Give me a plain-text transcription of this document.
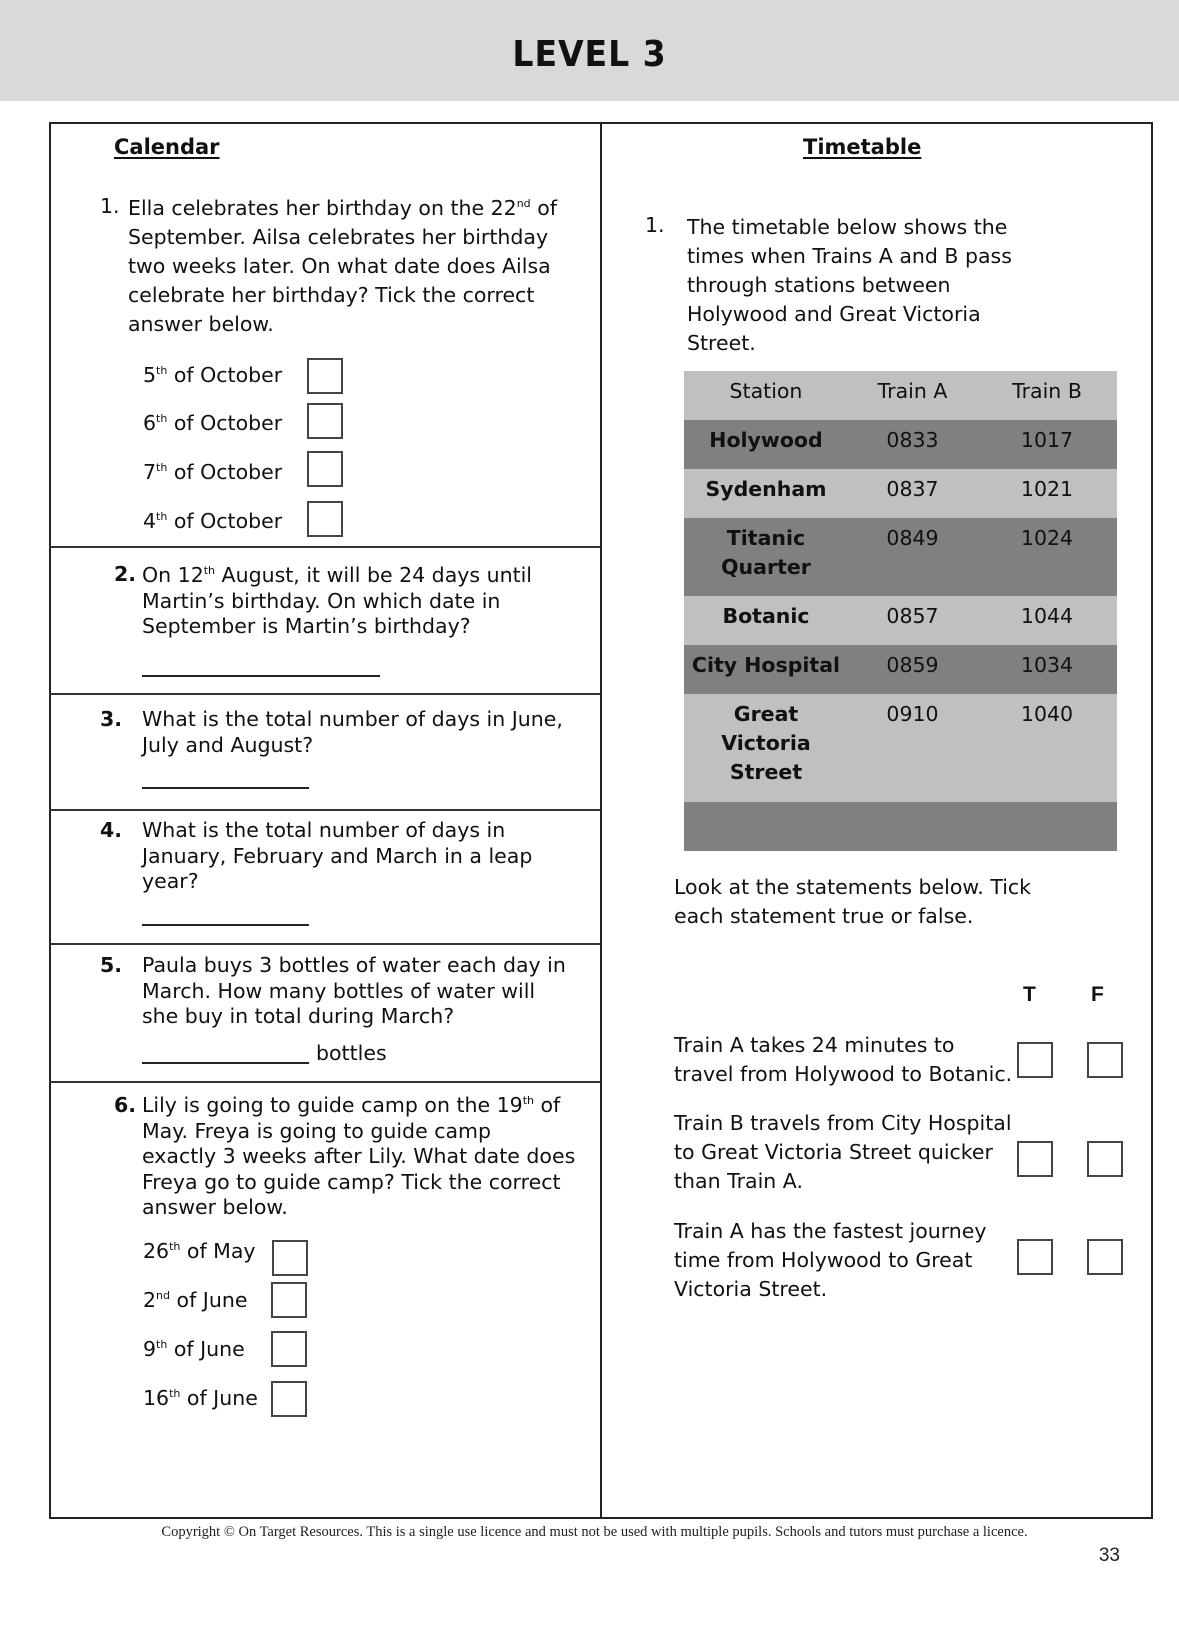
LEVEL 3
Calendar
1. Ella celebrates her birthday on the 22nd of
September. Ailsa celebrates her birthday
two weeks later. On what date does Ailsa
celebrate her birthday? Tick the correct
answer below.
5th of October
6th of October
7th of October
4th of October
2. On 12th August, it will be 24 days until
Martin’s birthday. On which date in
September is Martin’s birthday?
3. What is the total number of days in June,
July and August?
4. What is the total number of days in
January, February and March in a leap
year?
5. Paula buys 3 bottles of water each day in
March. How many bottles of water will
she buy in total during March?
bottles
6. Lily is going to guide camp on the 19th of
May. Freya is going to guide camp
exactly 3 weeks after Lily. What date does
Freya go to guide camp? Tick the correct
answer below.
26th of May
2nd of June
9th of June
16th of June
Timetable
1. The timetable below shows the
times when Trains A and B pass
through stations between
Holywood and Great Victoria
Street.
Station	Train A	Train B
Holywood	0833	1017
Sydenham	0837	1021
Titanic
Quarter
0849	1024
Botanic	0857	1044
City Hospital	0859	1034
Great
Victoria
Street
0910	1040
Look at the statements below. Tick
each statement true or false.
T	F
Train A takes 24 minutes to
travel from Holywood to Botanic.
Train B travels from City Hospital
to Great Victoria Street quicker
than Train A.
Train A has the fastest journey
time from Holywood to Great
Victoria Street.
Copyright © On Target Resources. This is a single use licence and must not be used with multiple pupils. Schools and tutors must purchase a licence.
33
